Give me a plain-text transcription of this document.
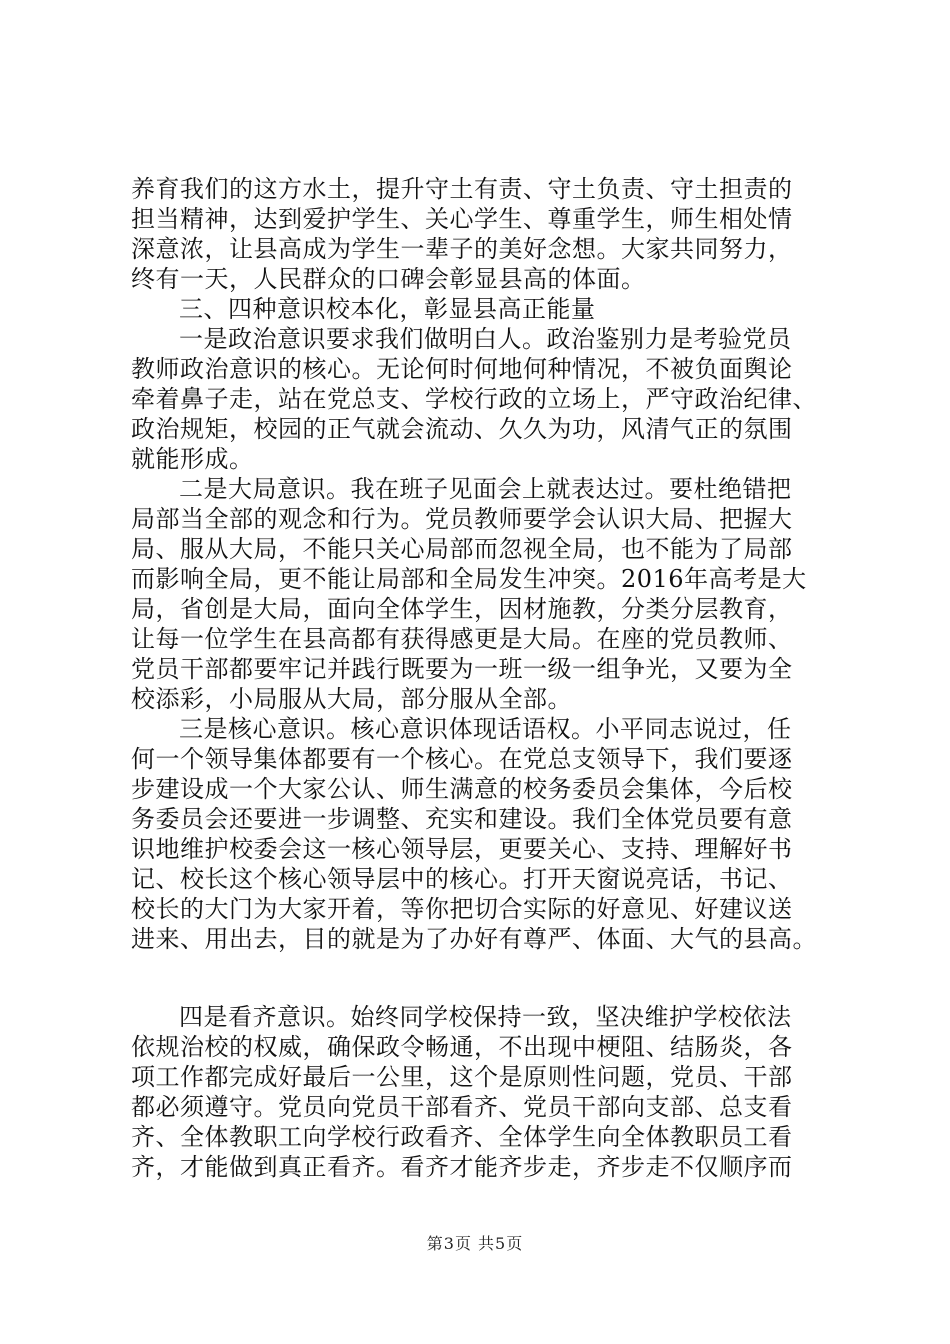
养育我们的这方水土，提升守土有责、守土负责、守土担责的
担当精神，达到爱护学生、关心学生、尊重学生，师生相处情
深意浓，让县高成为学生一辈子的美好念想。大家共同努力，
终有一天，人民群众的口碑会彰显县高的体面。
三、四种意识校本化，彰显县高正能量
一是政治意识要求我们做明白人。政治鉴别力是考验党员
教师政治意识的核心。无论何时何地何种情况，不被负面舆论
牵着鼻子走，站在党总支、学校行政的立场上，严守政治纪律、
政治规矩，校园的正气就会流动、久久为功，风清气正的氛围
就能形成。
二是大局意识。我在班子见面会上就表达过。要杜绝错把
局部当全部的观念和行为。党员教师要学会认识大局、把握大
局、服从大局，不能只关心局部而忽视全局，也不能为了局部
而影响全局，更不能让局部和全局发生冲突。2016年高考是大
局，省创是大局，面向全体学生，因材施教，分类分层教育，
让每一位学生在县高都有获得感更是大局。在座的党员教师、
党员干部都要牢记并践行既要为一班一级一组争光，又要为全
校添彩，小局服从大局，部分服从全部。
三是核心意识。核心意识体现话语权。小平同志说过，任
何一个领导集体都要有一个核心。在党总支领导下，我们要逐
步建设成一个大家公认、师生满意的校务委员会集体，今后校
务委员会还要进一步调整、充实和建设。我们全体党员要有意
识地维护校委会这一核心领导层，更要关心、支持、理解好书
记、校长这个核心领导层中的核心。打开天窗说亮话，书记、
校长的大门为大家开着，等你把切合实际的好意见、好建议送
进来、用出去，目的就是为了办好有尊严、体面、大气的县高。
四是看齐意识。始终同学校保持一致，坚决维护学校依法
依规治校的权威，确保政令畅通，不出现中梗阻、结肠炎，各
项工作都完成好最后一公里，这个是原则性问题，党员、干部
都必须遵守。党员向党员干部看齐、党员干部向支部、总支看
齐、全体教职工向学校行政看齐、全体学生向全体教职员工看
齐，才能做到真正看齐。看齐才能齐步走，齐步走不仅顺序而
第3页 共5页
